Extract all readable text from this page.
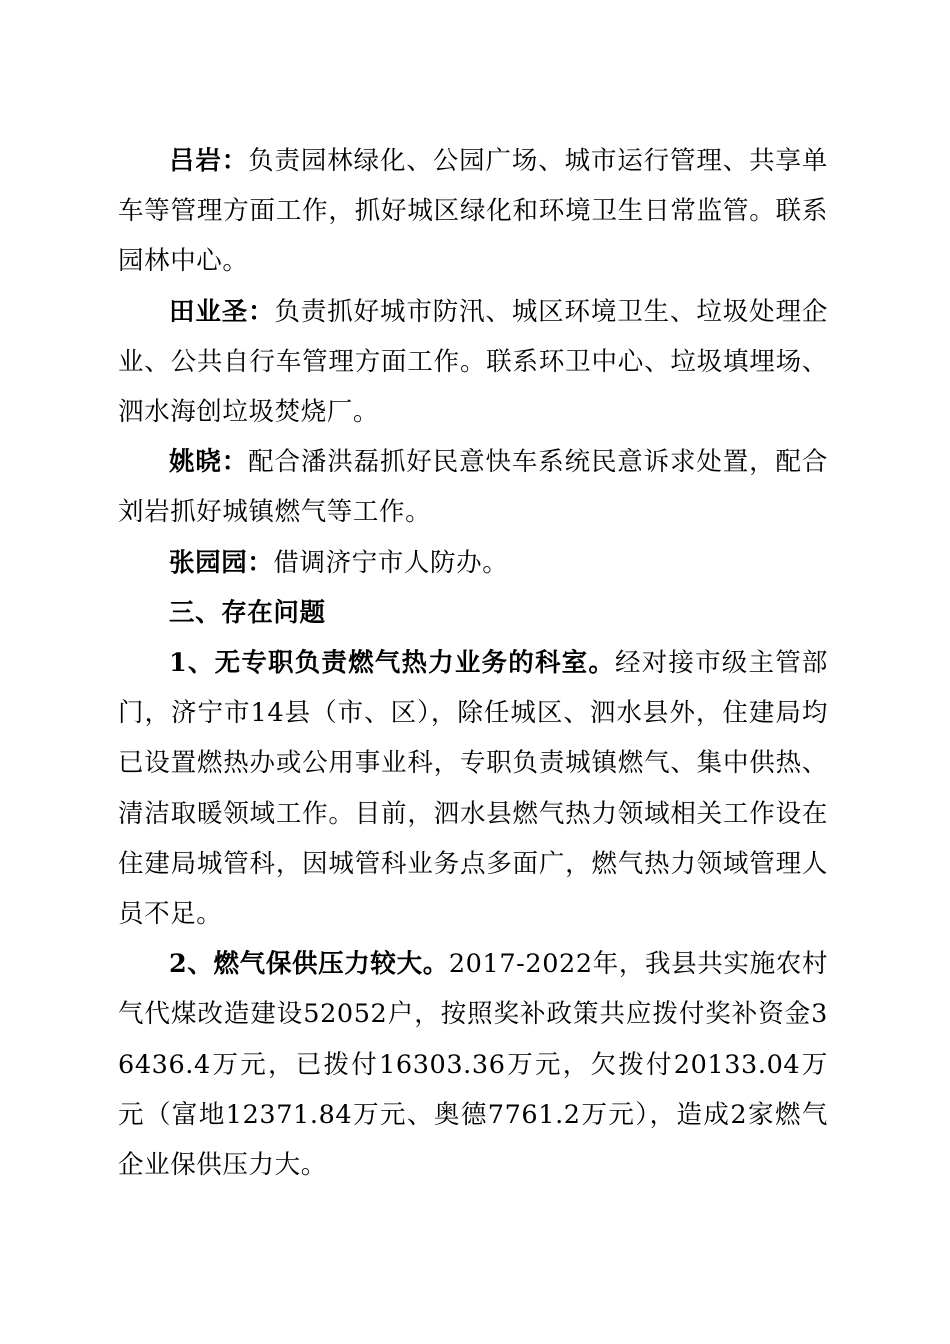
吕岩：负责园林绿化、公园广场、城市运行管理、共享单车等管理方面工作，抓好城区绿化和环境卫生日常监管。联系园林中心。

田业圣：负责抓好城市防汛、城区环境卫生、垃圾处理企业、公共自行车管理方面工作。联系环卫中心、垃圾填埋场、泗水海创垃圾焚烧厂。

姚晓：配合潘洪磊抓好民意快车系统民意诉求处置，配合刘岩抓好城镇燃气等工作。

张园园：借调济宁市人防办。

三、存在问题

1、无专职负责燃气热力业务的科室。经对接市级主管部门，济宁市14县（市、区），除任城区、泗水县外，住建局均已设置燃热办或公用事业科，专职负责城镇燃气、集中供热、清洁取暖领域工作。目前，泗水县燃气热力领域相关工作设在住建局城管科，因城管科业务点多面广，燃气热力领域管理人员不足。

2、燃气保供压力较大。2017-2022年，我县共实施农村气代煤改造建设52052户，按照奖补政策共应拨付奖补资金36436.4万元，已拨付16303.36万元，欠拨付20133.04万元（富地12371.84万元、奥德7761.2万元），造成2家燃气企业保供压力大。
